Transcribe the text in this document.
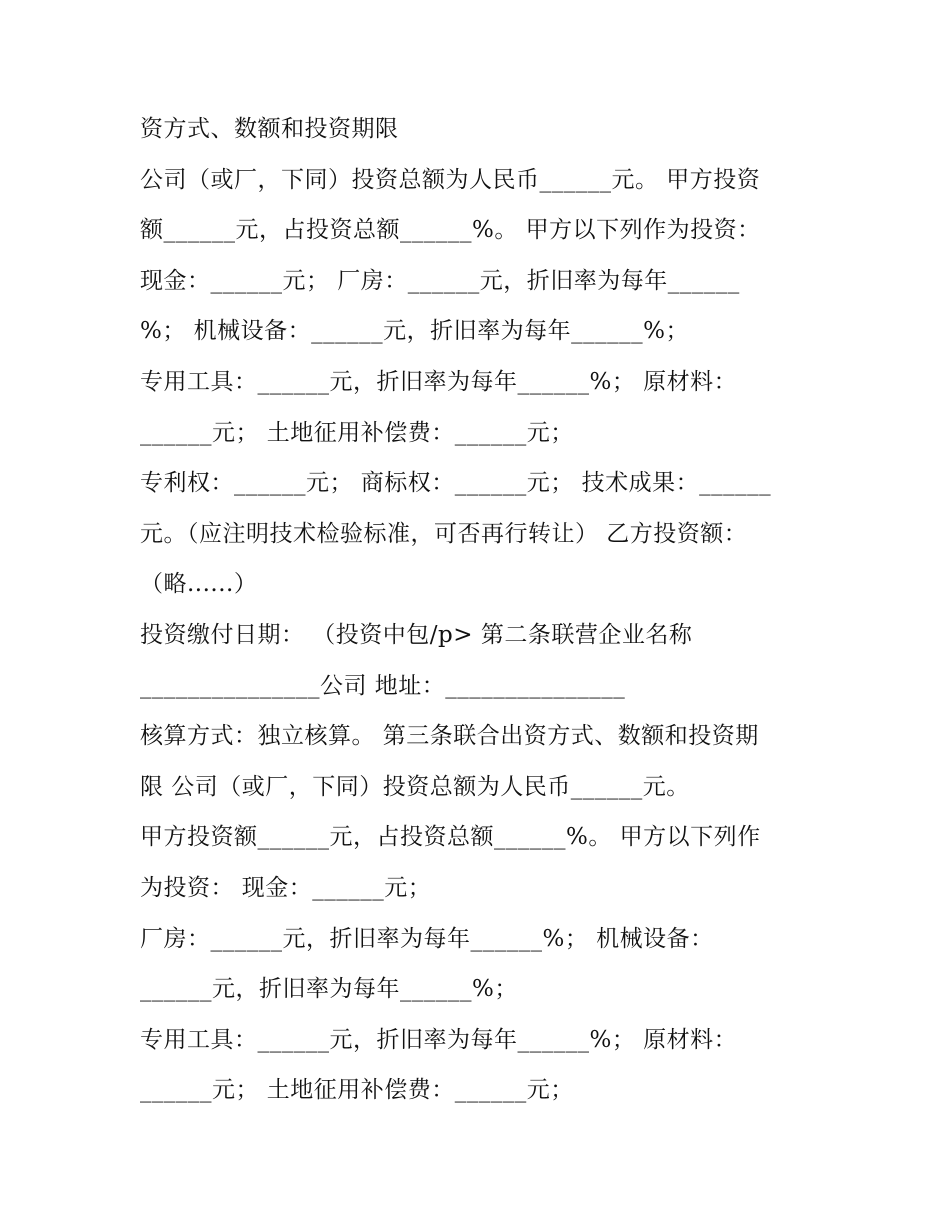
资方式、数额和投资期限
公司（或厂，下同）投资总额为人民币______元。 甲方投资
额______元，占投资总额______%。 甲方以下列作为投资：
现金：______元； 厂房：______元，折旧率为每年______
%； 机械设备：______元，折旧率为每年______%；
专用工具：______元，折旧率为每年______%； 原材料：
______元； 土地征用补偿费：______元；
专利权：______元； 商标权：______元； 技术成果：______
元。（应注明技术检验标准，可否再行转让） 乙方投资额：
（略......）
投资缴付日期： （投资中包/p> 第二条联营企业名称
_______________公司 地址：_______________
核算方式：独立核算。 第三条联合出资方式、数额和投资期
限 公司（或厂，下同）投资总额为人民币______元。
甲方投资额______元，占投资总额______%。 甲方以下列作
为投资： 现金：______元；
厂房：______元，折旧率为每年______%； 机械设备：
______元，折旧率为每年______%；
专用工具：______元，折旧率为每年______%； 原材料：
______元； 土地征用补偿费：______元；
